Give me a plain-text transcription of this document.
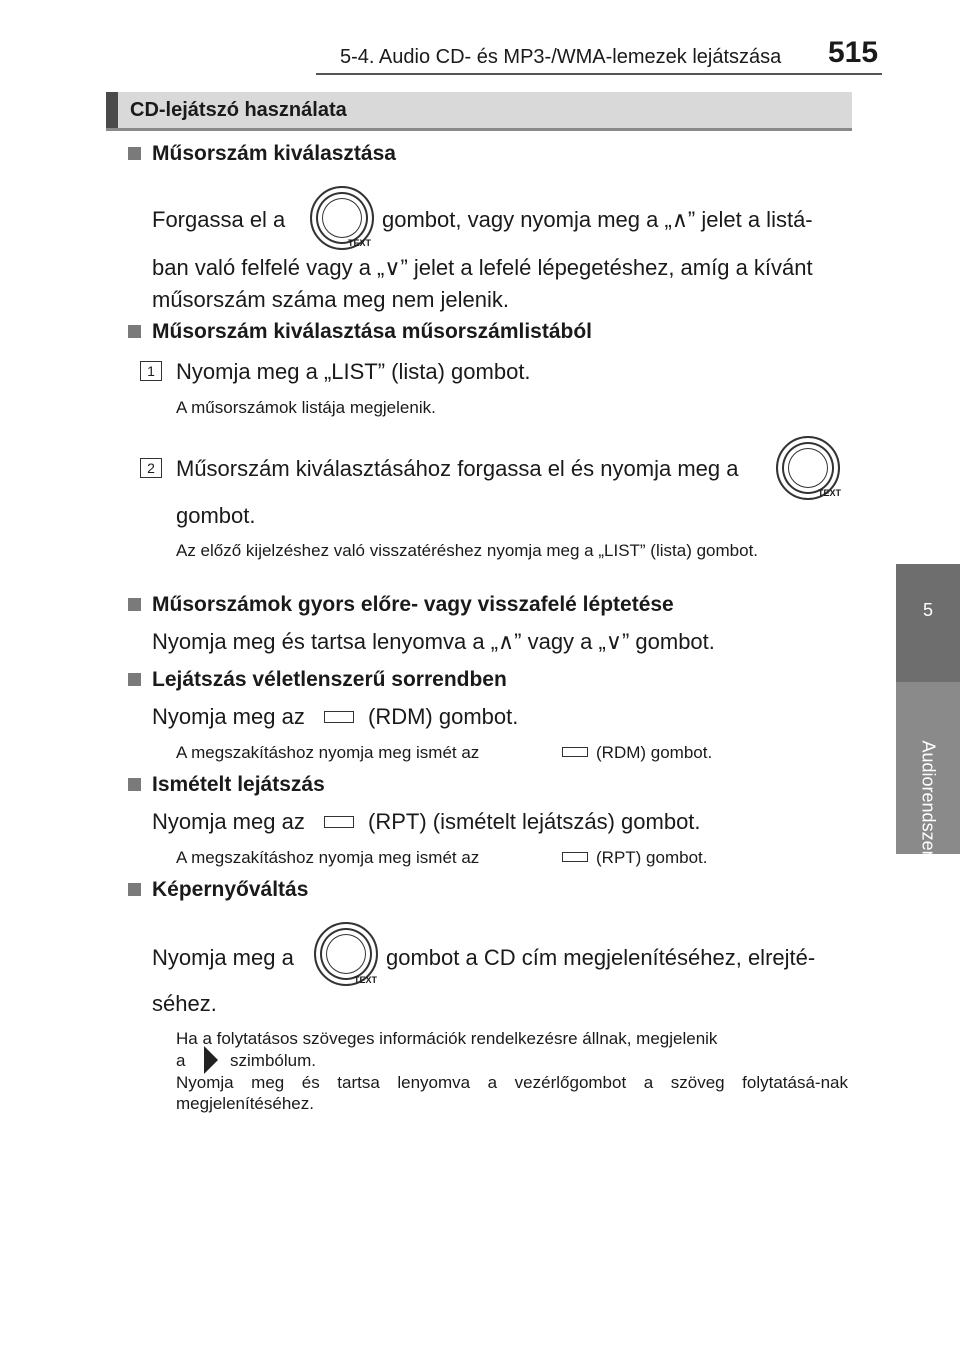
5-4. Audio CD- és MP3-/WMA-lemezek lejátszása 515
5
Audiorendszer
CD-lejátszó használata
Műsorszám kiválasztása
Forgassa el a
TEXT
gombot, vagy nyomja meg a „∧” jelet a listá-
ban való felfelé vagy a „∨” jelet a lefelé lépegetéshez, amíg a kívánt
műsorszám száma meg nem jelenik.
Műsorszám kiválasztása műsorszámlistából
1 Nyomja meg a „LIST” (lista) gombot.
A műsorszámok listája megjelenik.
2 Műsorszám kiválasztásához forgassa el és nyomja meg a
TEXT
gombot.
Az előző kijelzéshez való visszatéréshez nyomja meg a „LIST” (lista) gombot.
Műsorszámok gyors előre- vagy visszafelé léptetése
Nyomja meg és tartsa lenyomva a „∧” vagy a „∨” gombot.
Lejátszás véletlenszerű sorrendben
Nyomja meg az	(RDM) gombot.
A megszakításhoz nyomja meg ismét az	(RDM) gombot.
Ismételt lejátszás
Nyomja meg az	(RPT) (ismételt lejátszás) gombot.
A megszakításhoz nyomja meg ismét az	(RPT) gombot.
Képernyőváltás
Nyomja meg a
TEXT
gombot a CD cím megjelenítéséhez, elrejté-
séhez.
Ha a folytatásos szöveges információk rendelkezésre állnak, megjelenik
a	szimbólum.
Nyomja meg és tartsa lenyomva a vezérlőgombot a szöveg folytatásá-nak megjelenítéséhez.
